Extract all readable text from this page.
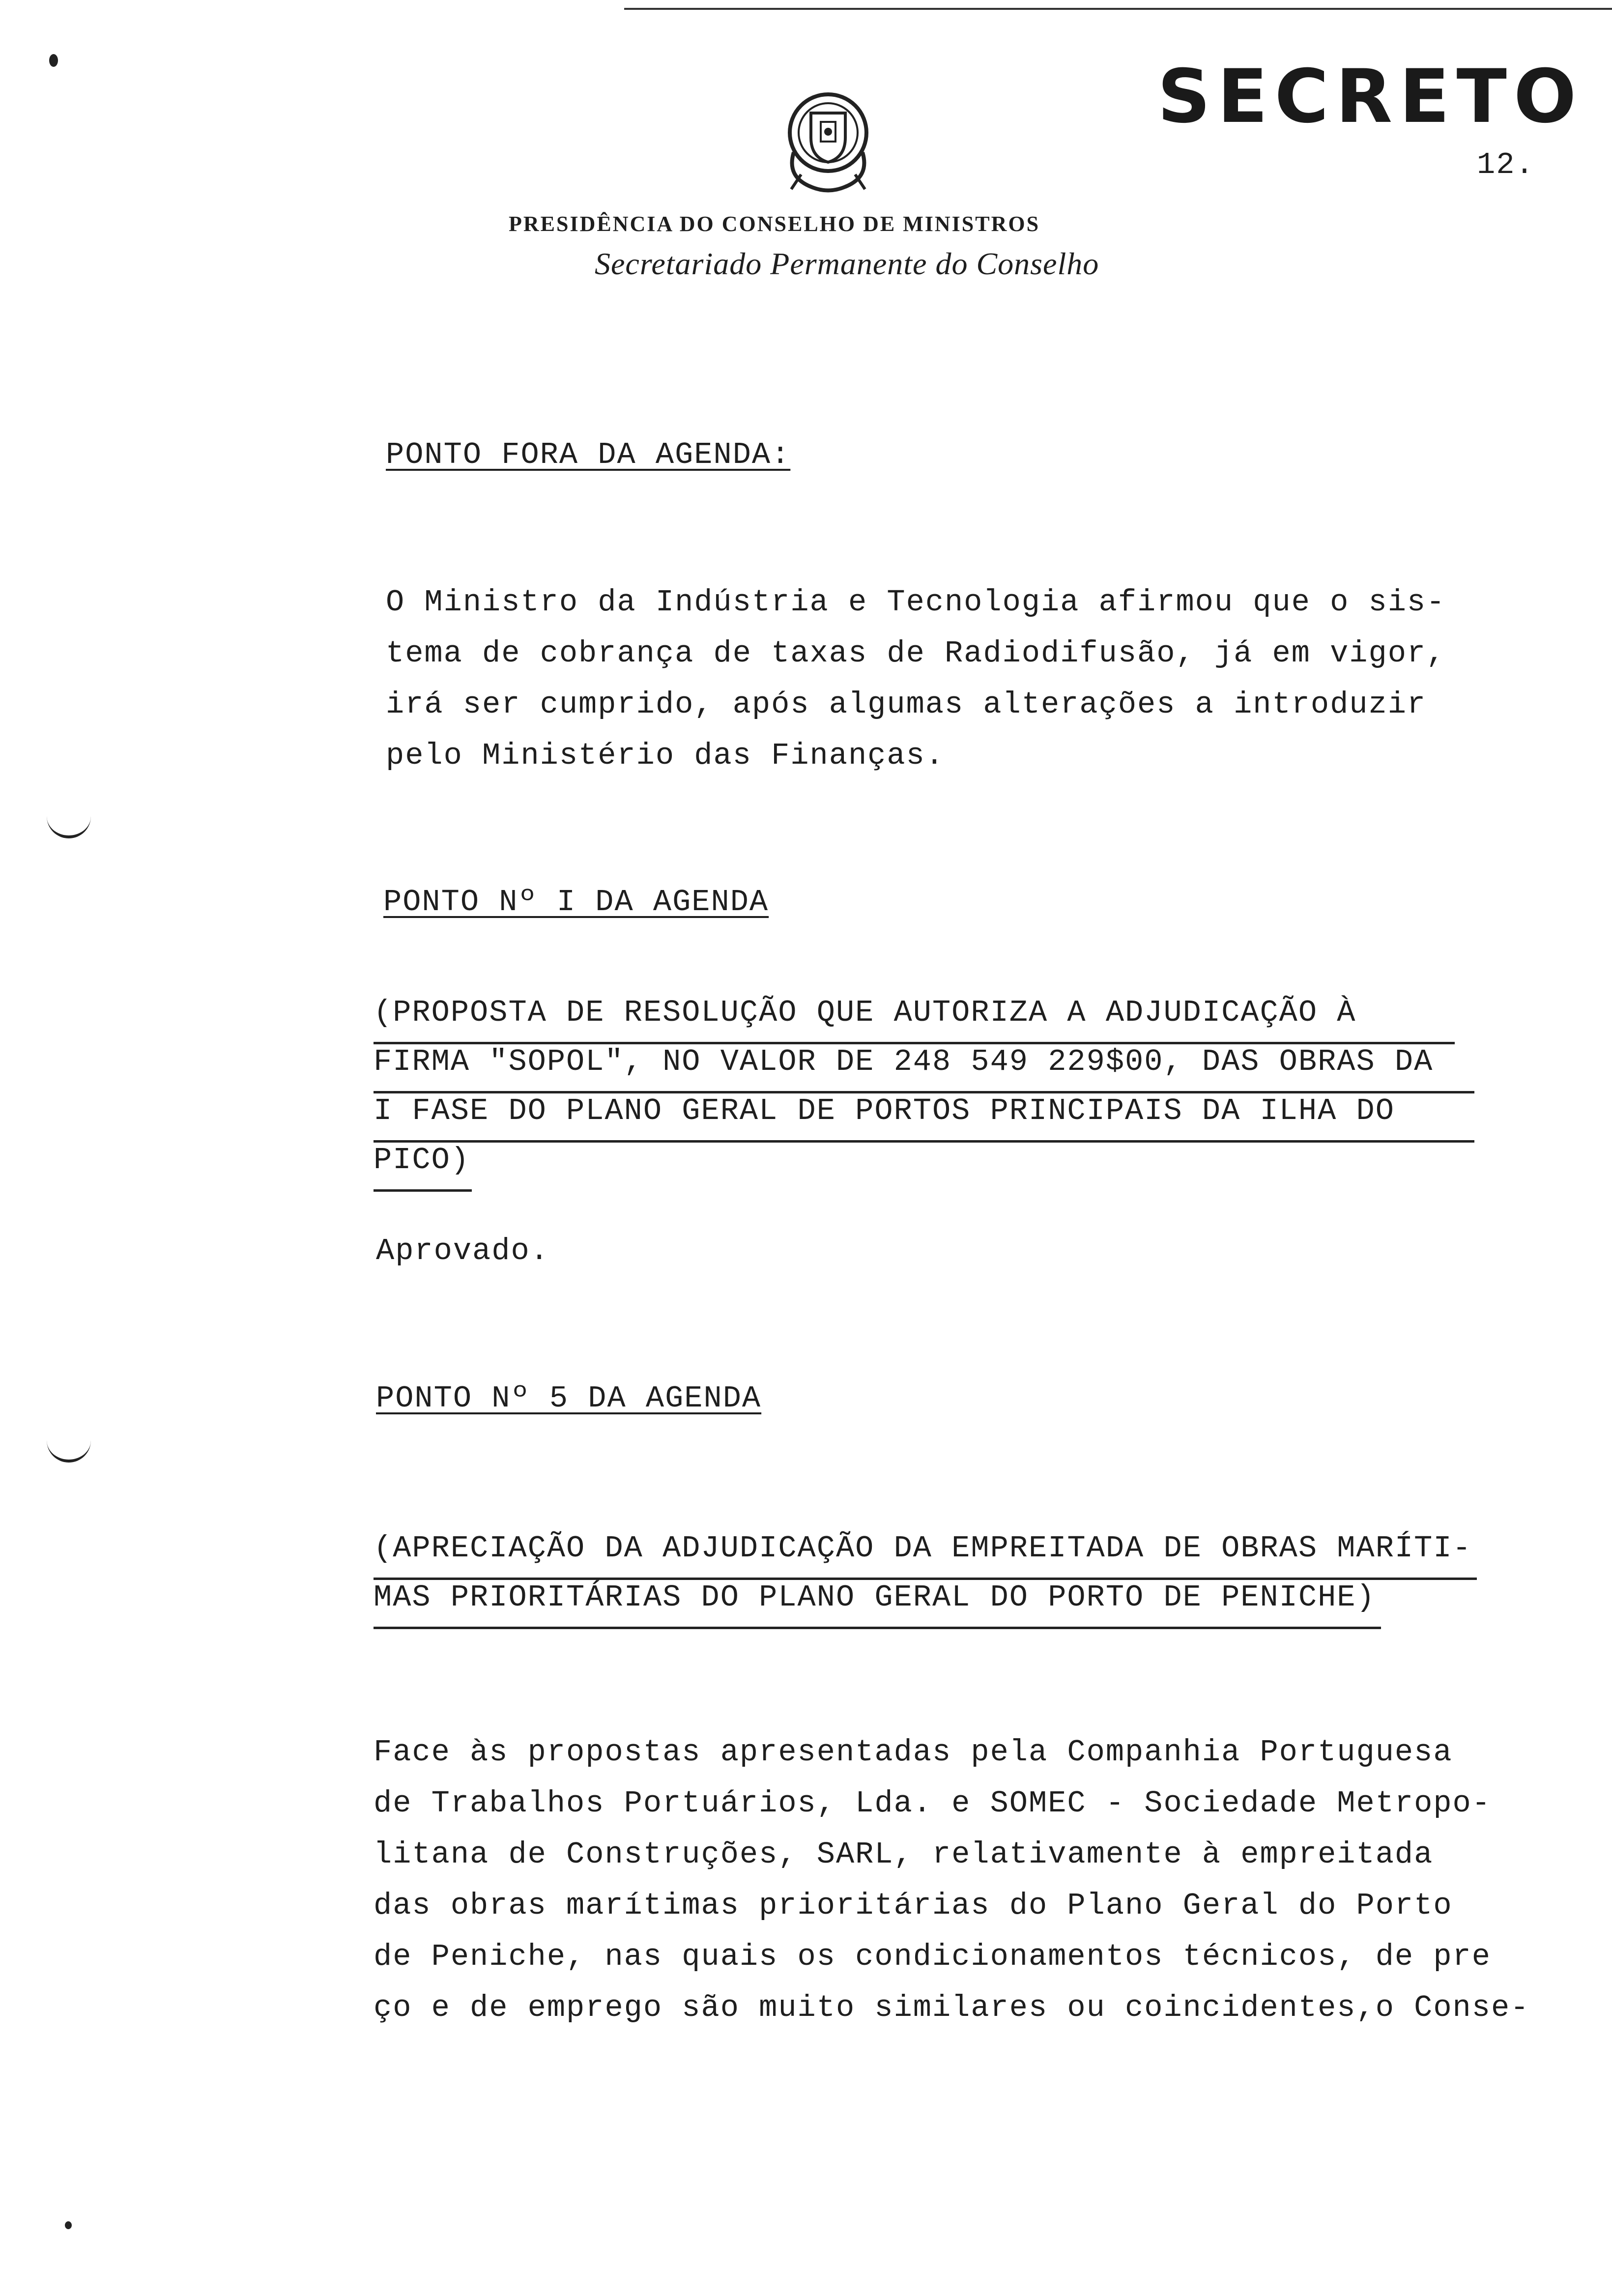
SECRETO
12.
PRESIDÊNCIA DO CONSELHO DE MINISTROS
Secretariado Permanente do Conselho
PONTO FORA DA AGENDA:
O Ministro da Indústria e Tecnologia afirmou que o sis-
tema de cobrança de taxas de Radiodifusão, já em vigor,
irá ser cumprido, após algumas alterações a introduzir
pelo Ministério das Finanças.
PONTO Nº I DA AGENDA
(PROPOSTA DE RESOLUÇÃO QUE AUTORIZA A ADJUDICAÇÃO À
FIRMA "SOPOL", NO VALOR DE 248 549 229$00, DAS OBRAS DA
I FASE DO PLANO GERAL DE PORTOS PRINCIPAIS DA ILHA DO
PICO)
Aprovado.
PONTO Nº 5 DA AGENDA
(APRECIAÇÃO DA ADJUDICAÇÃO DA EMPREITADA DE OBRAS MARÍTI-
MAS PRIORITÁRIAS DO PLANO GERAL DO PORTO DE PENICHE)
Face às propostas apresentadas pela Companhia Portuguesa
de Trabalhos Portuários, Lda. e SOMEC - Sociedade Metropo-
litana de Construções, SARL, relativamente à empreitada
das obras marítimas prioritárias do Plano Geral do Porto
de Peniche, nas quais os condicionamentos técnicos, de pre
ço e de emprego são muito similares ou coincidentes,o Conse-
